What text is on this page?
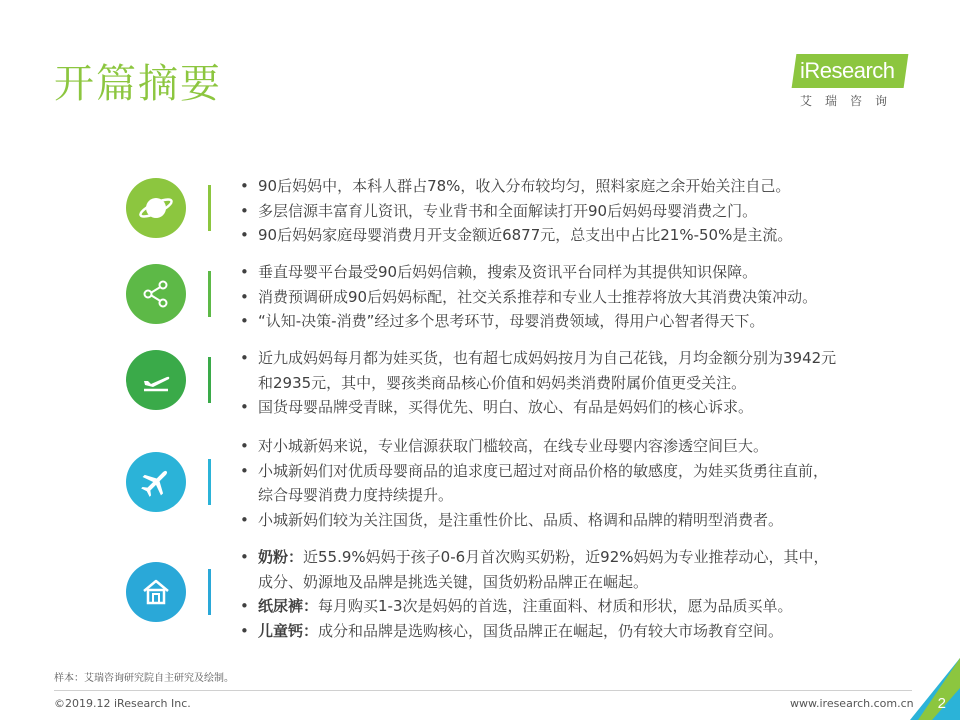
开篇摘要	iResearch
艾瑞咨询
• 90后妈妈中，本科人群占78%，收入分布较均匀，照料家庭之余开始关注自己。
• 多层信源丰富育儿资讯，专业背书和全面解读打开90后妈妈母婴消费之门。
• 90后妈妈家庭母婴消费月开支金额近6877元，总支出中占比21%-50%是主流。
• 垂直母婴平台最受90后妈妈信赖，搜索及资讯平台同样为其提供知识保障。
• 消费预调研成90后妈妈标配，社交关系推荐和专业人士推荐将放大其消费决策冲动。
• “认知-决策-消费”经过多个思考环节，母婴消费领域，得用户心智者得天下。
• 近九成妈妈每月都为娃买货，也有超七成妈妈按月为自己花钱，月均金额分别为3942元和2935元，其中，婴孩类商品核心价值和妈妈类消费附属价值更受关注。
• 国货母婴品牌受青睐，买得优先、明白、放心、有品是妈妈们的核心诉求。
• 对小城新妈来说，专业信源获取门槛较高，在线专业母婴内容渗透空间巨大。
• 小城新妈们对优质母婴商品的追求度已超过对商品价格的敏感度，为娃买货勇往直前，综合母婴消费力度持续提升。
• 小城新妈们较为关注国货，是注重性价比、品质、格调和品牌的精明型消费者。
• 奶粉：近55.9%妈妈于孩子0-6月首次购买奶粉，近92%妈妈为专业推荐动心，其中，成分、奶源地及品牌是挑选关键，国货奶粉品牌正在崛起。
• 纸尿裤：每月购买1-3次是妈妈的首选，注重面料、材质和形状，愿为品质买单。
• 儿童钙：成分和品牌是选购核心，国货品牌正在崛起，仍有较大市场教育空间。
样本：艾瑞咨询研究院自主研究及绘制。
©2019.12 iResearch Inc.	www.iresearch.com.cn 2
